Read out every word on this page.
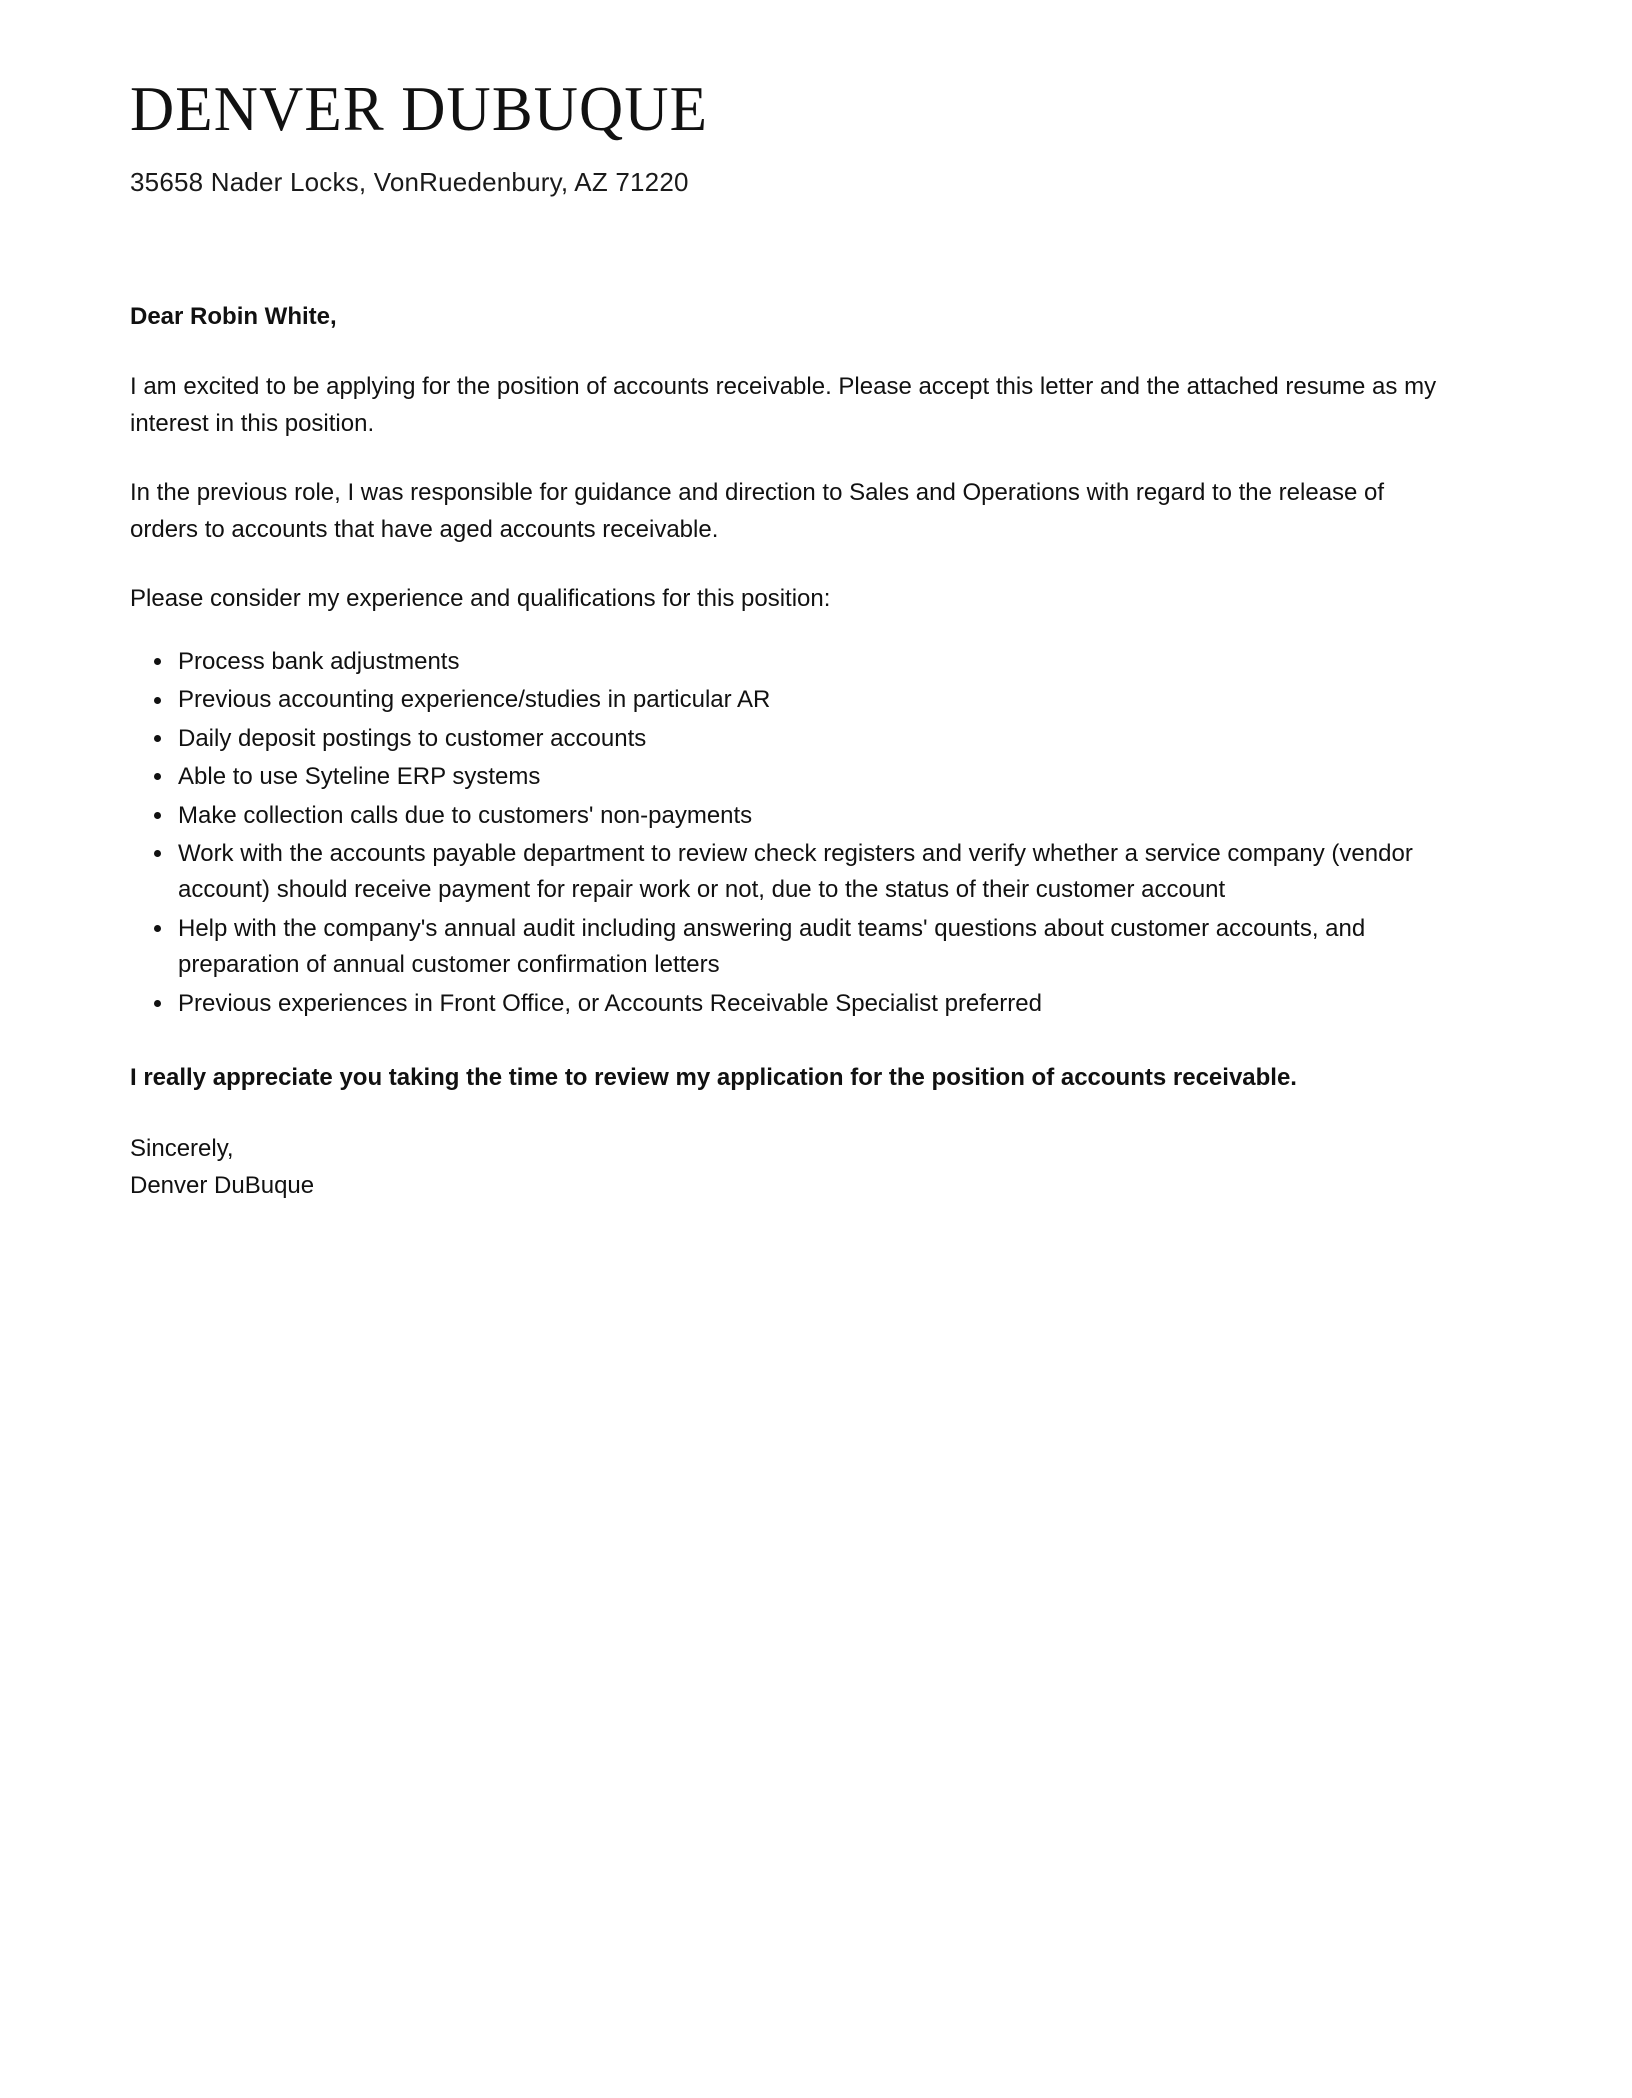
DENVER DUBUQUE
35658 Nader Locks, VonRuedenbury, AZ 71220
Dear Robin White,

I am excited to be applying for the position of accounts receivable. Please accept this letter and the attached resume as my interest in this position.

In the previous role, I was responsible for guidance and direction to Sales and Operations with regard to the release of orders to accounts that have aged accounts receivable.

Please consider my experience and qualifications for this position:

Process bank adjustments
Previous accounting experience/studies in particular AR
Daily deposit postings to customer accounts
Able to use Syteline ERP systems
Make collection calls due to customers' non-payments
Work with the accounts payable department to review check registers and verify whether a service company (vendor account) should receive payment for repair work or not, due to the status of their customer account
Help with the company's annual audit including answering audit teams' questions about customer accounts, and preparation of annual customer confirmation letters
Previous experiences in Front Office, or Accounts Receivable Specialist preferred

I really appreciate you taking the time to review my application for the position of accounts receivable.

Sincerely,
Denver DuBuque
